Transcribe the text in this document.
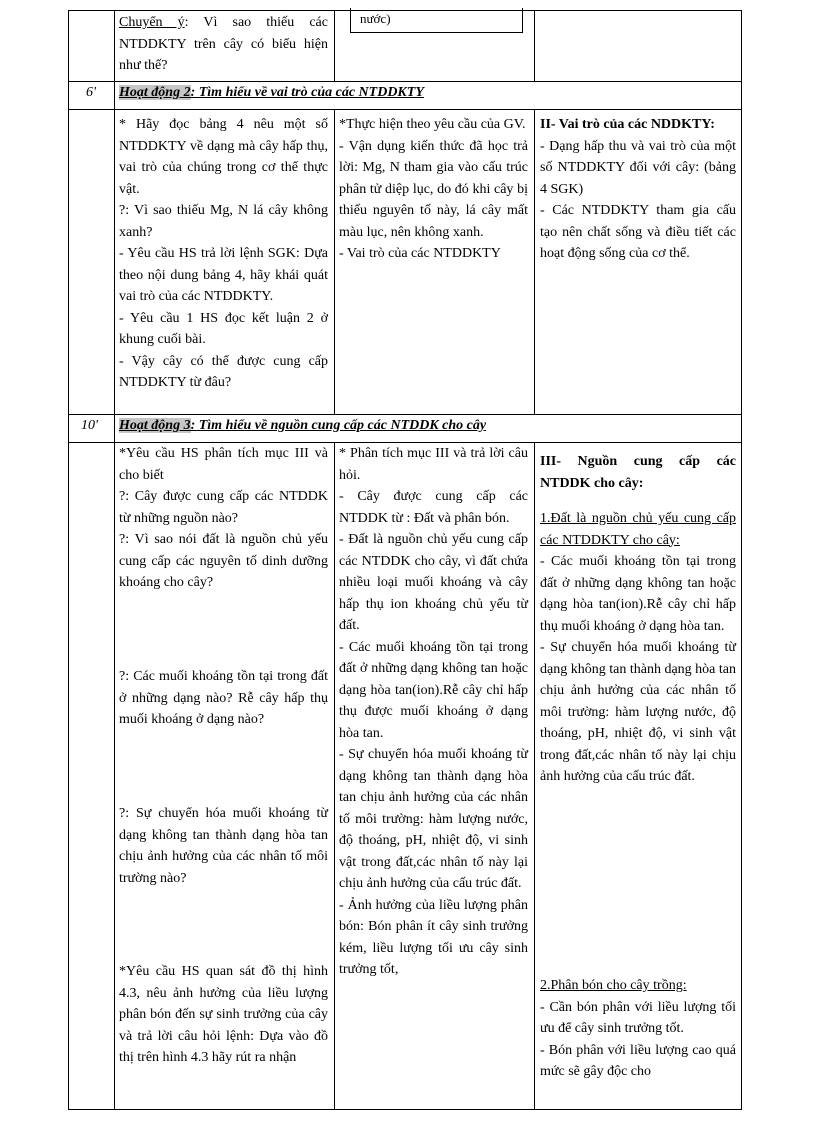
Chuyển ý: Vì sao thiếu các NTDDKTY trên cây có biểu hiện như thế?
nước)
6' Hoạt động 2: Tìm hiểu về vai trò của các NTDDKTY

* Hãy đọc bảng 4 nêu một số NTDDKTY về dạng mà cây hấp thụ, vai trò của chúng trong cơ thể thực vật.

?: Vì sao thiếu Mg, N lá cây không xanh?

- Yêu cầu HS trả lời lệnh SGK: Dựa theo nội dung bảng 4, hãy khái quát vai trò của các NTDDKTY.

- Yêu cầu 1 HS đọc kết luận 2 ở khung cuối bài.

- Vậy cây có thể được cung cấp NTDDKTY từ đâu?

*Thực hiện theo yêu cầu của GV.

- Vận dụng kiến thức đã học trả lời: Mg, N tham gia vào cấu trúc phân tử diệp lục, do đó khi cây bị thiếu nguyên tố này, lá cây mất màu lục, nên không xanh.

- Vai trò của các NTDDKTY

II- Vai trò của các NDDKTY:

- Dạng hấp thu và vai trò của một số NTDDKTY đối với cây: (bảng 4 SGK)

- Các NTDDKTY tham gia cấu tạo nên chất sống và điều tiết các hoạt động sống của cơ thể.

10' Hoạt động 3: Tìm hiểu về nguồn cung cấp các NTDDK cho cây
*Yêu cầu HS phân tích mục III và cho biết
?: Cây được cung cấp các NTDDK từ những nguồn nào?
?: Vì sao nói đất là nguồn chủ yếu cung cấp các nguyên tố dinh dưỡng khoáng cho cây?
?: Các muối khoáng tồn tại trong đất ở những dạng nào? Rễ cây hấp thụ muối khoáng ở dạng nào?
?: Sự chuyển hóa muối khoáng từ dạng không tan thành dạng hòa tan chịu ảnh hưởng của các nhân tố môi trường nào?
*Yêu cầu HS quan sát đồ thị hình 4.3, nêu ảnh hưởng của liều lượng phân bón đến sự sinh trưởng của cây và trả lời câu hỏi lệnh: Dựa vào đồ thị trên hình 4.3 hãy rút ra nhận

* Phân tích mục III và trả lời câu hỏi.

- Cây được cung cấp các NTDDK từ : Đất và phân bón.

- Đất là nguồn chủ yếu cung cấp các NTDDK cho cây, vì đất chứa nhiều loại muối khoáng và cây hấp thụ ion khoáng chủ yếu từ đất.

- Các muối khoáng tồn tại trong đất ở những dạng không tan hoặc dạng hòa tan(ion).Rễ cây chỉ hấp thụ được muối khoáng ở dạng hòa tan.

- Sự chuyển hóa muối khoáng từ dạng không tan thành dạng hòa tan chịu ảnh hưởng của các nhân tố môi trường: hàm lượng nước, độ thoáng, pH, nhiệt độ, vi sinh vật trong đất,các nhân tố này lại chịu ảnh hưởng của cấu trúc đất.

- Ảnh hưởng của liều lượng phân bón: Bón phân ít cây sinh trưởng kém, liều lượng tối ưu cây sinh trưởng tốt,

III- Nguồn cung cấp các NTDDK cho cây:

1.Đất là nguồn chủ yếu cung cấp các NTDDKTY cho cây:

- Các muối khoáng tồn tại trong đất ở những dạng không tan hoặc dạng hòa tan(ion).Rễ cây chỉ hấp thụ muối khoáng ở dạng hòa tan.

- Sự chuyển hóa muối khoáng từ dạng không tan thành dạng hòa tan chịu ảnh hưởng của các nhân tố môi trường: hàm lượng nước, độ thoáng, pH, nhiệt độ, vi sinh vật trong đất,các nhân tố này lại chịu ảnh hưởng của cấu trúc đất.

2.Phân bón cho cây trồng:

- Cần bón phân với liều lượng tối ưu để cây sinh trưởng tốt.

- Bón phân với liều lượng cao quá mức sẽ gây độc cho
